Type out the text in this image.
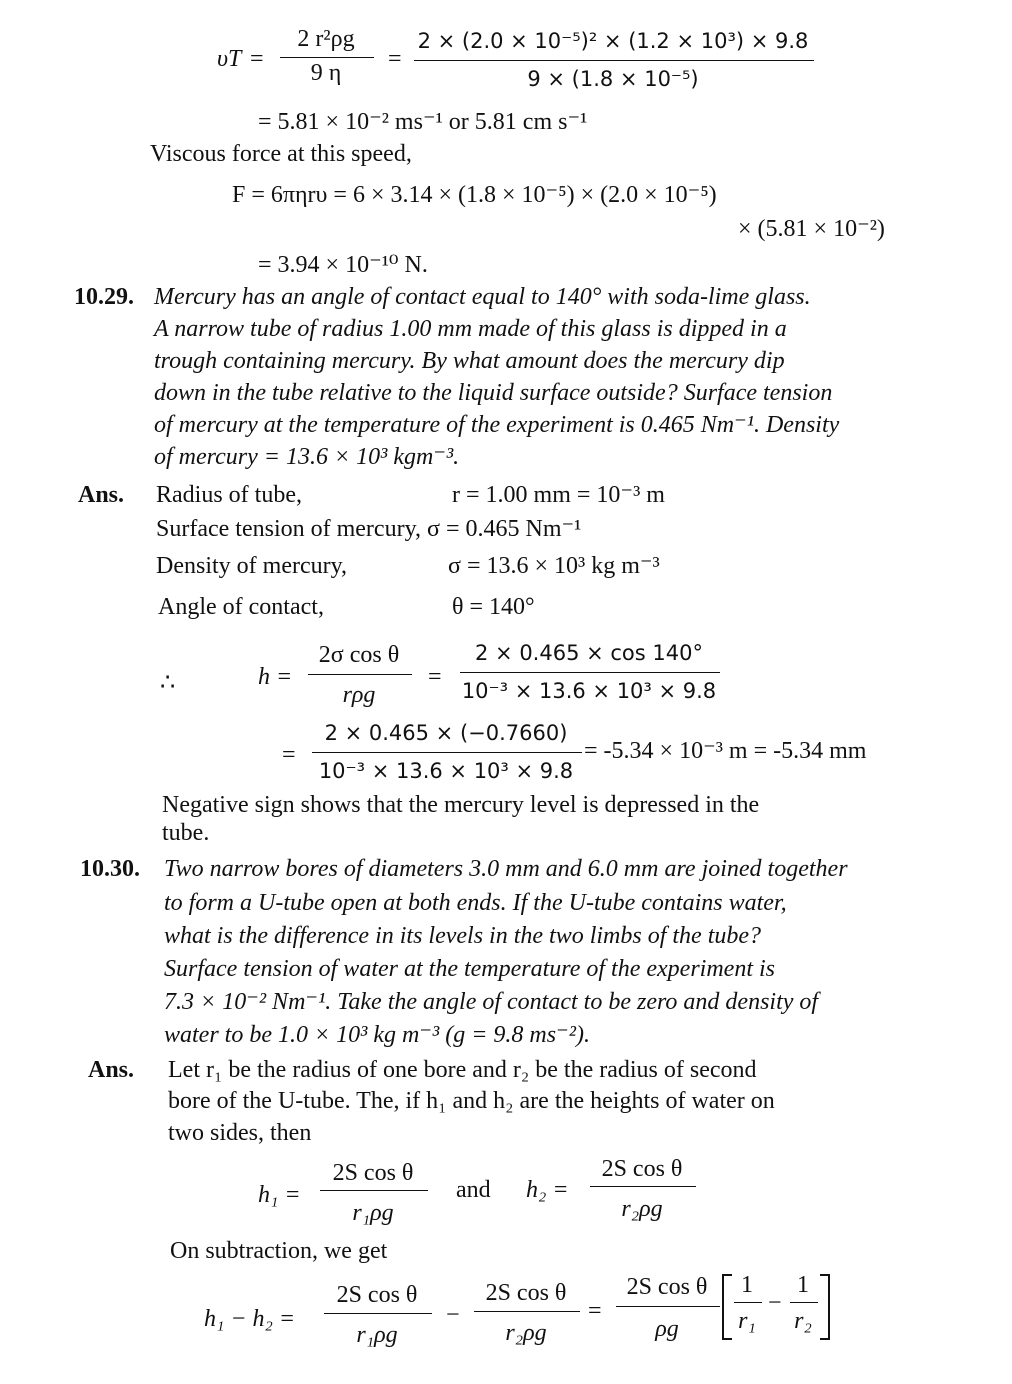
υT =
2 r²ρg
9 η
=
2 × (2.0 × 10⁻⁵)² × (1.2 × 10³) × 9.8
9 × (1.8 × 10⁻⁵)
= 5.81 × 10⁻² ms⁻¹ or 5.81 cm s⁻¹
Viscous force at this speed,
F = 6πηrυ = 6 × 3.14 × (1.8 × 10⁻⁵) × (2.0 × 10⁻⁵)
× (5.81 × 10⁻²)
= 3.94 × 10⁻¹⁰ N.
10.29. Mercury has an angle of contact equal to 140° with soda-lime glass.
A narrow tube of radius 1.00 mm made of this glass is dipped in a
trough containing mercury. By what amount does the mercury dip
down in the tube relative to the liquid surface outside? Surface tension
of mercury at the temperature of the experiment is 0.465 Nm⁻¹. Density
of mercury = 13.6 × 10³ kgm⁻³.
Ans. Radius of tube,	r = 1.00 mm = 10⁻³ m
Surface tension of mercury, σ = 0.465 Nm⁻¹
Density of mercury,	σ = 13.6 × 10³ kg m⁻³
Angle of contact,	θ = 140°
∴	h =
2σ cos θ
rρg
=
2 × 0.465 × cos 140°
10⁻³ × 13.6 × 10³ × 9.8
=
2 × 0.465 × (−0.7660)
10⁻³ × 13.6 × 10³ × 9.8
= -5.34 × 10⁻³ m = -5.34 mm
Negative sign shows that the mercury level is depressed in the
tube.
10.30. Two narrow bores of diameters 3.0 mm and 6.0 mm are joined together
to form a U-tube open at both ends. If the U-tube contains water,
what is the difference in its levels in the two limbs of the tube?
Surface tension of water at the temperature of the experiment is
7.3 × 10⁻² Nm⁻¹. Take the angle of contact to be zero and density of
water to be 1.0 × 10³ kg m⁻³ (g = 9.8 ms⁻²).
Ans. Let r₁ be the radius of one bore and r₂ be the radius of second
bore of the U-tube. The, if h₁ and h₂ are the heights of water on
two sides, then
h₁ =
2S cos θ
r₁ρg
and h₂ =
2S cos θ
r₂ρg
On subtraction, we get
h₁ − h₂ =
2S cos θ
r₁ρg
−
2S cos θ
r₂ρg
=
2S cos θ
ρg
1
r₁
−
1
r₂
